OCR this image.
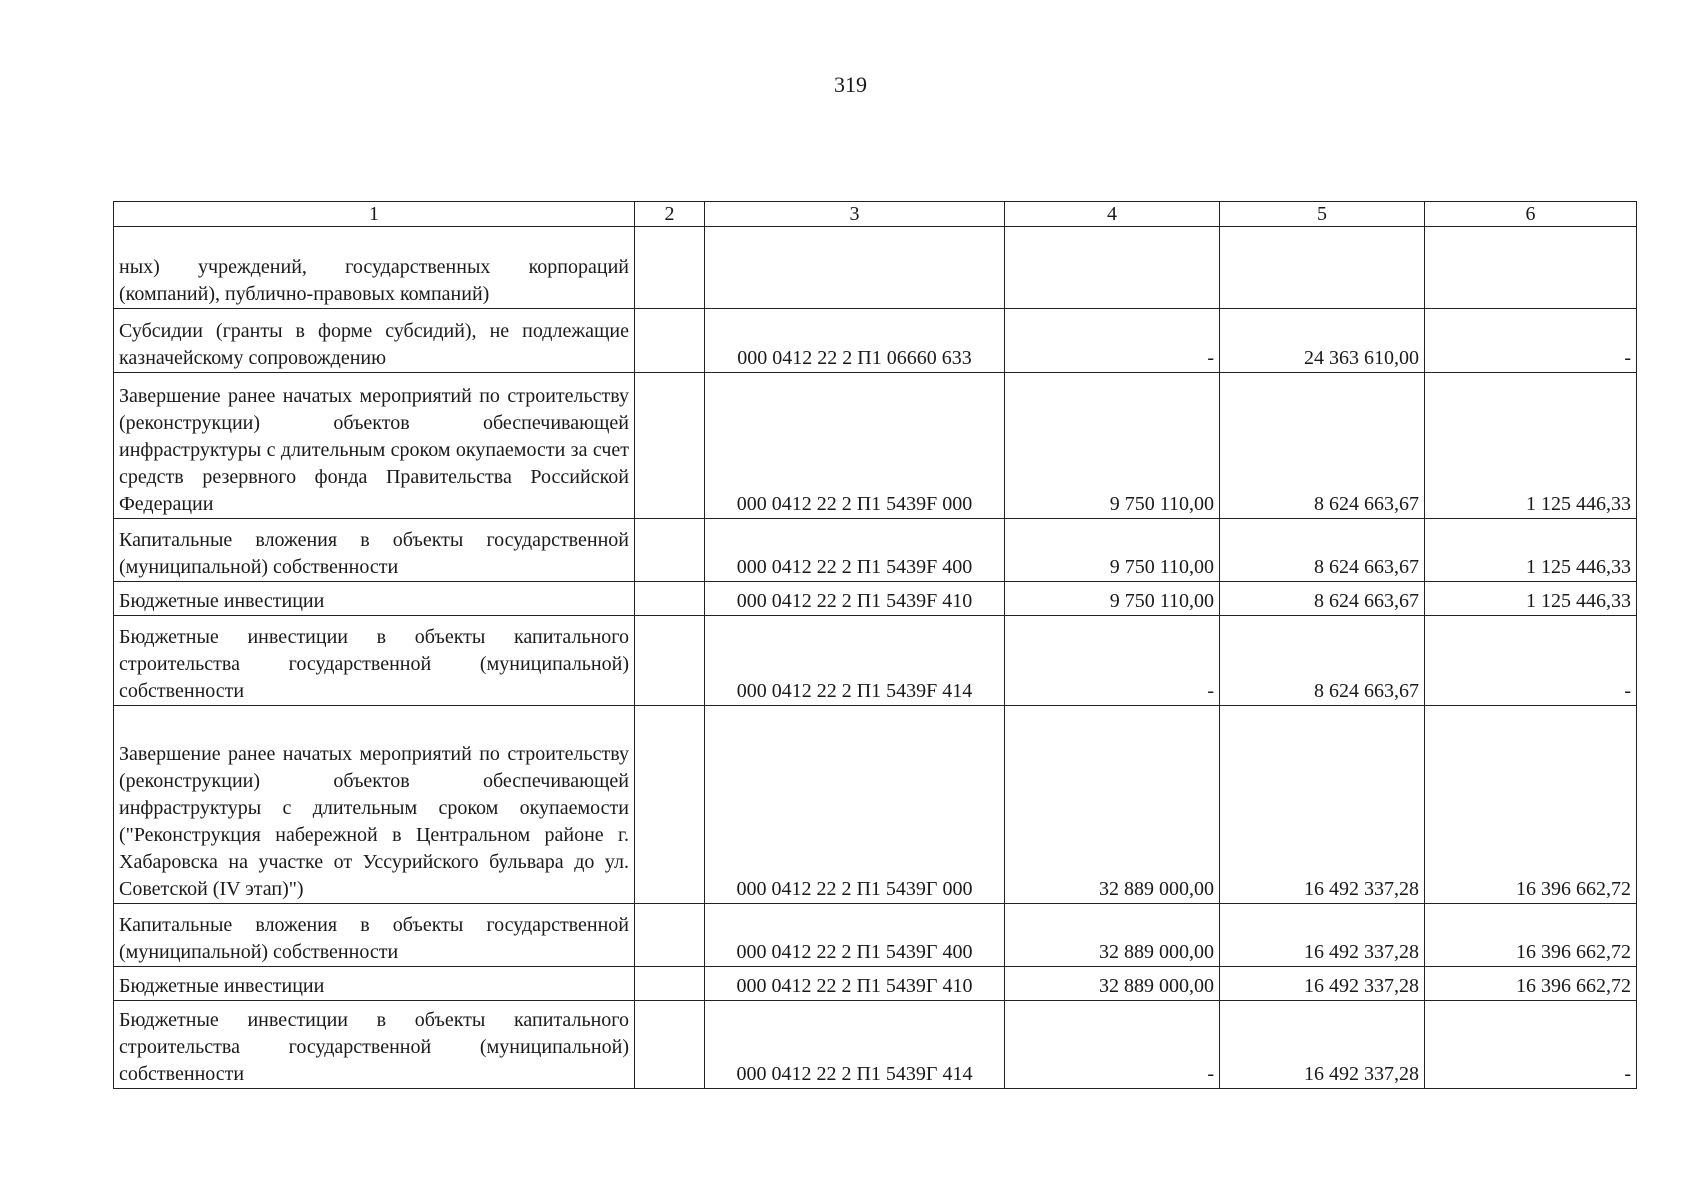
319
1	2	3	4	5	6
ных) учреждений, государственных корпораций (компаний), публично-правовых компаний)					
Субсидии (гранты в форме субсидий), не подлежащие казначейскому сопровождению		000 0412 22 2 П1 06660 633	-	24 363 610,00	-
Завершение ранее начатых мероприятий по строительству (реконструкции) объектов обеспечивающей инфраструктуры с длительным сроком окупаемости за счет средств резервного фонда Правительства Российской Федерации		000 0412 22 2 П1 5439F 000	9 750 110,00	8 624 663,67	1 125 446,33
Капитальные вложения в объекты государственной (муниципальной) собственности		000 0412 22 2 П1 5439F 400	9 750 110,00	8 624 663,67	1 125 446,33
Бюджетные инвестиции		000 0412 22 2 П1 5439F 410	9 750 110,00	8 624 663,67	1 125 446,33
Бюджетные инвестиции в объекты капитального строительства государственной (муниципальной) собственности		000 0412 22 2 П1 5439F 414	-	8 624 663,67	-
Завершение ранее начатых мероприятий по строительству (реконструкции) объектов обеспечивающей инфраструктуры с длительным сроком окупаемости ("Реконструкция набережной в Центральном районе г. Хабаровска на участке от Уссурийского бульвара до ул. Советской (IV этап)")		000 0412 22 2 П1 5439Г 000	32 889 000,00	16 492 337,28	16 396 662,72
Капитальные вложения в объекты государственной (муниципальной) собственности		000 0412 22 2 П1 5439Г 400	32 889 000,00	16 492 337,28	16 396 662,72
Бюджетные инвестиции		000 0412 22 2 П1 5439Г 410	32 889 000,00	16 492 337,28	16 396 662,72
Бюджетные инвестиции в объекты капитального строительства государственной (муниципальной) собственности		000 0412 22 2 П1 5439Г 414	-	16 492 337,28	-
